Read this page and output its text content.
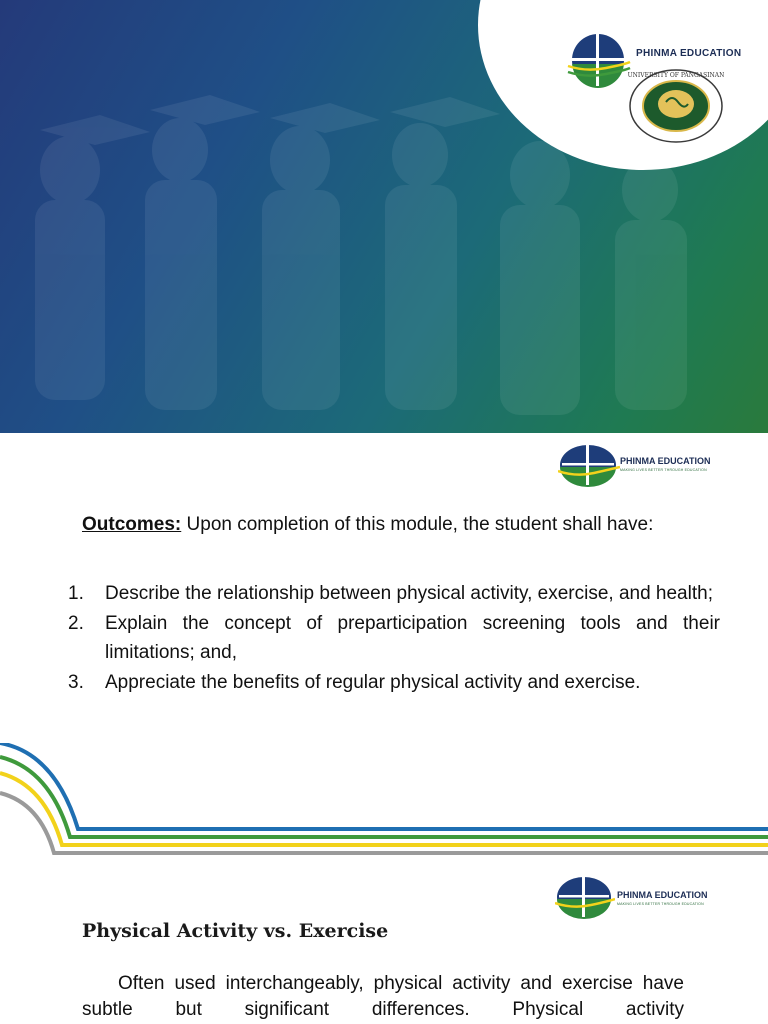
PHINMA EDUCATION
UNIVERSITY OF PANGASINAN

PHINMA EDUCATION
MAKING LIVES BETTER THROUGH EDUCATION

Outcomes: Upon completion of this module, the student shall have:

1. Describe the relationship between physical activity, exercise, and health;
2. Explain the concept of preparticipation screening tools and their limitations; and,
3. Appreciate the benefits of regular physical activity and exercise.
PHINMA EDUCATION
MAKING LIVES BETTER THROUGH EDUCATION
Physical Activity vs. Exercise

Often used interchangeably, physical activity and exercise have subtle but significant differences. Physical activity
